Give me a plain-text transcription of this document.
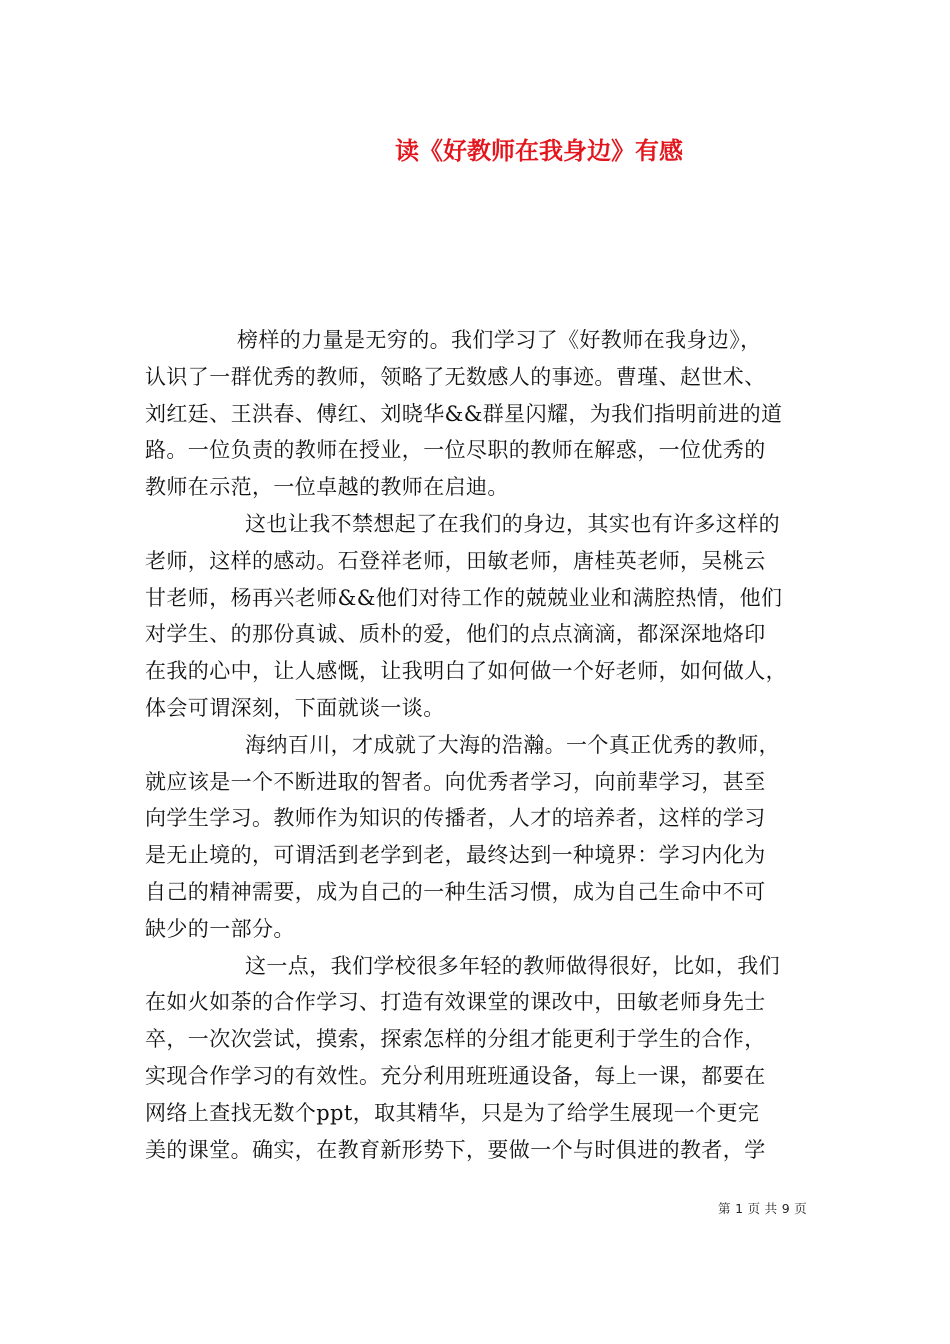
读《好教师在我身边》有感
榜样的力量是无穷的。我们学习了《好教师在我身边》，
认识了一群优秀的教师，领略了无数感人的事迹。曹瑾、赵世术、
刘红廷、王洪春、傅红、刘晓华&&群星闪耀，为我们指明前进的道
路。一位负责的教师在授业，一位尽职的教师在解惑，一位优秀的
教师在示范，一位卓越的教师在启迪。
这也让我不禁想起了在我们的身边，其实也有许多这样的
老师，这样的感动。石登祥老师，田敏老师，唐桂英老师，吴桃云
甘老师，杨再兴老师&&他们对待工作的兢兢业业和满腔热情，他们
对学生、的那份真诚、质朴的爱，他们的点点滴滴，都深深地烙印
在我的心中，让人感慨，让我明白了如何做一个好老师，如何做人，
体会可谓深刻，下面就谈一谈。
海纳百川，才成就了大海的浩瀚。一个真正优秀的教师，
就应该是一个不断进取的智者。向优秀者学习，向前辈学习，甚至
向学生学习。教师作为知识的传播者，人才的培养者，这样的学习
是无止境的，可谓活到老学到老，最终达到一种境界：学习内化为
自己的精神需要，成为自己的一种生活习惯，成为自己生命中不可
缺少的一部分。
这一点，我们学校很多年轻的教师做得很好，比如，我们
在如火如荼的合作学习、打造有效课堂的课改中，田敏老师身先士
卒，一次次尝试，摸索，探索怎样的分组才能更利于学生的合作，
实现合作学习的有效性。充分利用班班通设备，每上一课，都要在
网络上查找无数个ppt，取其精华，只是为了给学生展现一个更完
美的课堂。确实，在教育新形势下，要做一个与时俱进的教者，学
第 1 页 共 9 页
